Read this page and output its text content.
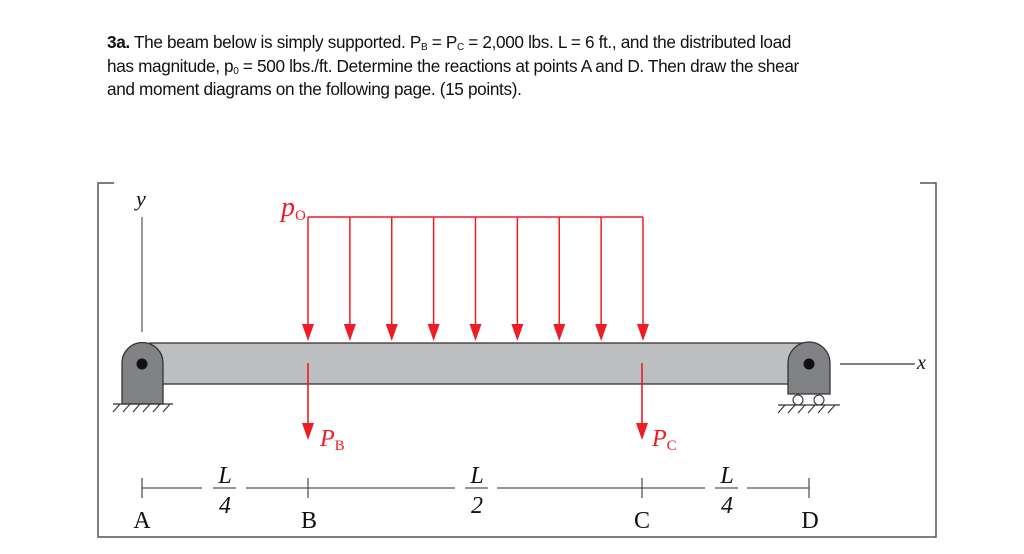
3a. The beam below is simply supported. $P_B = P_C = 2,000$ lbs. L = 6 ft., and the distributed load
has magnitude, $p_0 = 500$ lbs./ft. Determine the reactions at points A and D. Then draw the shear
and moment diagrams on the following page. (15 points).
y
x
pO
PB	PC
L
4
L
2
L
4
A	B	C	D
